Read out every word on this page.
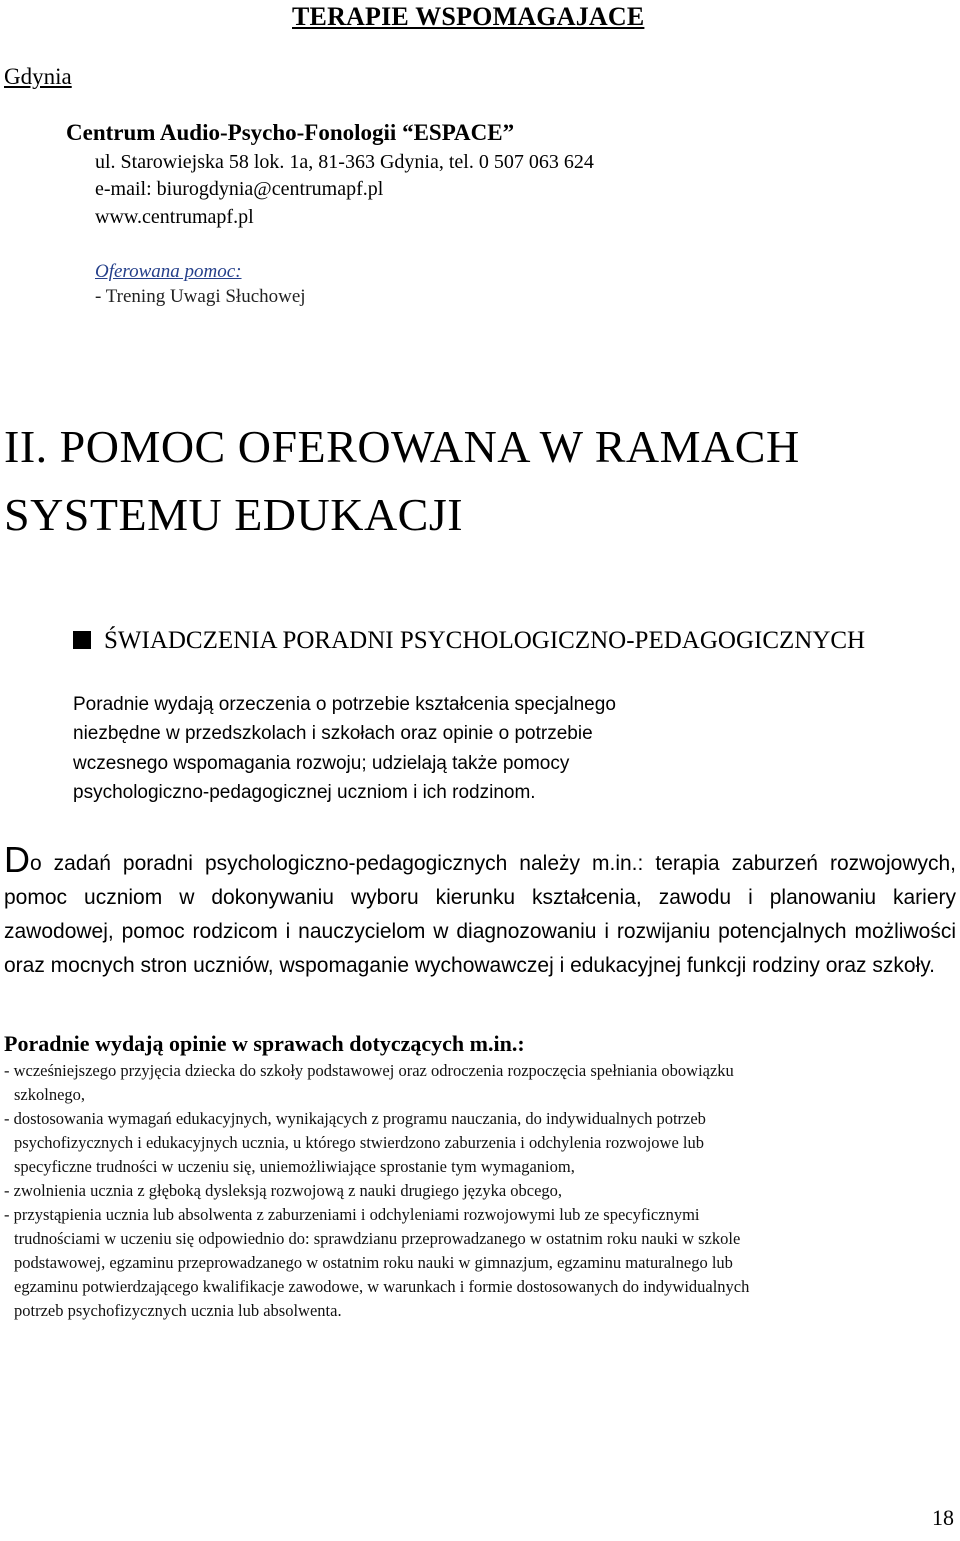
TERAPIE WSPOMAGAJACE
Gdynia
Centrum Audio-Psycho-Fonologii “ESPACE”
ul. Starowiejska 58 lok. 1a, 81-363 Gdynia, tel. 0 507 063 624
e-mail: biurogdynia@centrumapf.pl
www.centrumapf.pl
Oferowana pomoc:
- Trening Uwagi Słuchowej
II. POMOC OFEROWANA W RAMACH
SYSTEMU EDUKACJI
ŚWIADCZENIA PORADNI PSYCHOLOGICZNO-PEDAGOGICZNYCH
Poradnie wydają orzeczenia o potrzebie kształcenia specjalnego
niezbędne w przedszkolach i szkołach oraz opinie o potrzebie
wczesnego wspomagania rozwoju; udzielają także pomocy
psychologiczno-pedagogicznej uczniom i ich rodzinom.
Do zadań poradni psychologiczno-pedagogicznych należy m.in.: terapia zaburzeń rozwojowych, pomoc uczniom w dokonywaniu wyboru kierunku kształcenia, zawodu i planowaniu kariery zawodowej, pomoc rodzicom i nauczycielom w diagnozowaniu i rozwijaniu potencjalnych możliwości oraz mocnych stron uczniów, wspomaganie wychowawczej i edukacyjnej funkcji rodziny oraz szkoły.
Poradnie wydają opinie w sprawach dotyczących m.in.:
- wcześniejszego przyjęcia dziecka do szkoły podstawowej oraz odroczenia rozpoczęcia spełniania obowiązku
szkolnego,
- dostosowania wymagań edukacyjnych, wynikających z programu nauczania, do indywidualnych potrzeb
psychofizycznych i edukacyjnych ucznia, u którego stwierdzono zaburzenia i odchylenia rozwojowe lub
specyficzne trudności w uczeniu się, uniemożliwiające sprostanie tym wymaganiom,
- zwolnienia ucznia z głęboką dysleksją rozwojową z nauki drugiego języka obcego,
- przystąpienia ucznia lub absolwenta z zaburzeniami i odchyleniami rozwojowymi lub ze specyficznymi
trudnościami w uczeniu się odpowiednio do: sprawdzianu przeprowadzanego w ostatnim roku nauki w szkole
podstawowej, egzaminu przeprowadzanego w ostatnim roku nauki w gimnazjum, egzaminu maturalnego lub
egzaminu potwierdzającego kwalifikacje zawodowe, w warunkach i formie dostosowanych do indywidualnych
potrzeb psychofizycznych ucznia lub absolwenta.
18
